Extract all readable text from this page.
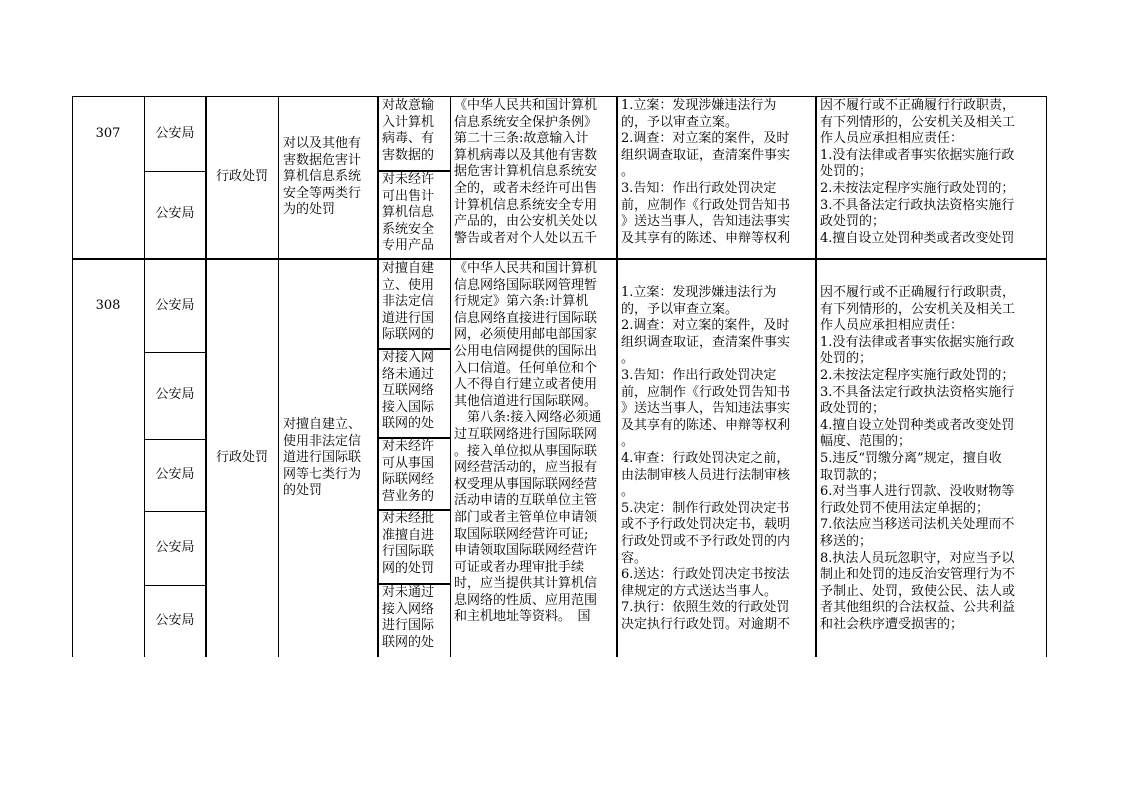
307	公安局
公安局
行政处罚
对以及其他有
害数据危害计
算机信息系统
安全等两类行
为的处罚
对故意输
入计算机
病毒、有
害数据的
对未经许
可出售计
算机信息
系统安全
专用产品
《中华人民共和国计算机
信息系统安全保护条例》
第二十三条:故意输入计
算机病毒以及其他有害数
据危害计算机信息系统安
全的，或者未经许可出售
计算机信息系统安全专用
产品的，由公安机关处以
警告或者对个人处以五千
1.立案：发现涉嫌违法行为
的，予以审查立案。
2.调查：对立案的案件，及时
组织调查取证，查清案件事实
。
3.告知：作出行政处罚决定
前，应制作《行政处罚告知书
》送达当事人，告知违法事实
及其享有的陈述、申辩等权利
因不履行或不正确履行行政职责，
有下列情形的，公安机关及相关工
作人员应承担相应责任：
1.没有法律或者事实依据实施行政
处罚的；
2.未按法定程序实施行政处罚的；
3.不具备法定行政执法资格实施行
政处罚的；
4.擅自设立处罚种类或者改变处罚
308	公安局
公安局
公安局
公安局
公安局
行政处罚
对擅自建立、
使用非法定信
道进行国际联
网等七类行为
的处罚
对擅自建
立、使用
非法定信
道进行国
际联网的
对接入网
络未通过
互联网络
接入国际
联网的处
对未经许
可从事国
际联网经
营业务的
对未经批
准擅自进
行国际联
网的处罚
对未通过
接入网络
进行国际
联网的处
《中华人民共和国计算机
信息网络国际联网管理暂
行规定》第六条:计算机
信息网络直接进行国际联
网，必须使用邮电部国家
公用电信网提供的国际出
入口信道。任何单位和个
人不得自行建立或者使用
其他信道进行国际联网。
　第八条:接入网络必须通
过互联网络进行国际联网
。接入单位拟从事国际联
网经营活动的，应当报有
权受理从事国际联网经营
活动申请的互联单位主管
部门或者主管单位申请领
取国际联网经营许可证;
申请领取国际联网经营许
可证或者办理审批手续
时，应当提供其计算机信
息网络的性质、应用范围
和主机地址等资料。　国
1.立案：发现涉嫌违法行为
的，予以审查立案。
2.调查：对立案的案件，及时
组织调查取证，查清案件事实
。
3.告知：作出行政处罚决定
前，应制作《行政处罚告知书
》送达当事人，告知违法事实
及其享有的陈述、申辩等权利
。
4.审查：行政处罚决定之前，
由法制审核人员进行法制审核
。
5.决定：制作行政处罚决定书
或不予行政处罚决定书，载明
行政处罚或不予行政处罚的内
容。
6.送达：行政处罚决定书按法
律规定的方式送达当事人。
7.执行：依照生效的行政处罚
决定执行行政处罚。对逾期不
因不履行或不正确履行行政职责，
有下列情形的，公安机关及相关工
作人员应承担相应责任：
1.没有法律或者事实依据实施行政
处罚的；
2.未按法定程序实施行政处罚的；
3.不具备法定行政执法资格实施行
政处罚的；
4.擅自设立处罚种类或者改变处罚
幅度、范围的；
5.违反“罚缴分离”规定，擅自收
取罚款的；
6.对当事人进行罚款、没收财物等
行政处罚不使用法定单据的；
7.依法应当移送司法机关处理而不
移送的；
8.执法人员玩忽职守，对应当予以
制止和处罚的违反治安管理行为不
予制止、处罚，致使公民、法人或
者其他组织的合法权益、公共利益
和社会秩序遭受损害的；
